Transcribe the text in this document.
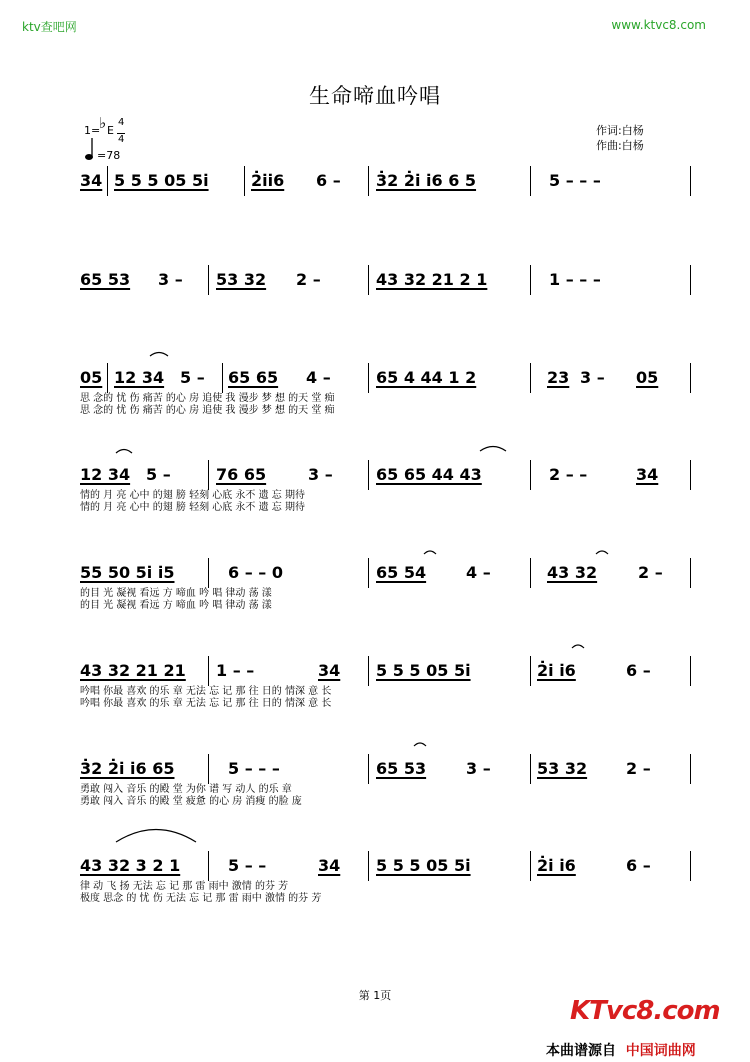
ktv查吧网	www.ktvc8.com
生命啼血吟唱
1=
♭ E
4
4
=78
作词:白杨
作曲:白杨
34 5 5 5 05 5i̇	2̇i̇i̇6 6 – 3̇2 2̇i̇ i̇6 6 5	5 – – –
65 53 3 – 53 32 2 –	43 32 21 2 1	1 – – –
05 12 34 5 – 65 65 4 –	65 4 44 1 2	23 3 – 05
思 念的 忧 伤 痛苦 的心 房 追使 我 漫步 梦 想 的天 堂 痴
思 念的 忧 伤 痛苦 的心 房 追使 我 漫步 梦 想 的天 堂 痴
12 34 5 –	76 65	3 –	65 65 44 43	2 – –	34
情的 月 亮 心中 的翅 膀 轻刻 心底 永不 遗 忘 期待
情的 月 亮 心中 的翅 膀 轻刻 心底 永不 遗 忘 期待
55 50 5i̇ i̇5	6 – – 0	65 54 4 –	43 32	2 –
的目 光 凝视 看远 方 啼血 吟 唱 律动 荡 漾
的目 光 凝视 看远 方 啼血 吟 唱 律动 荡 漾
43 32 21 21 1 – –	34 5 5 5 05 5i̇	2̇i̇ i̇6	6 –
吟唱 你最 喜欢 的乐 章 无法 忘 记 那 往 日的 情深 意 长
吟唱 你最 喜欢 的乐 章 无法 忘 记 那 往 日的 情深 意 长
3̇2 2̇i̇ i̇6 65	5 – – –	65 53 3 –	53 32 2 –
勇敢 闯入 音乐 的殿 堂 为你 谱 写 动人 的乐 章
勇敢 闯入 音乐 的殿 堂 疲惫 的心 房 消瘦 的脸 庞
43 32 3 2 1	5 – –	34 5 5 5 05 5i̇	2̇i̇ i̇6	6 –
律 动 飞 扬 无法 忘 记 那 雷 雨中 激情 的芬 芳
极度 思念 的 忧 伤 无法 忘 记 那 雷 雨中 激情 的芬 芳
第 1页
KTvc8.com
本曲谱源自 中国词曲网
